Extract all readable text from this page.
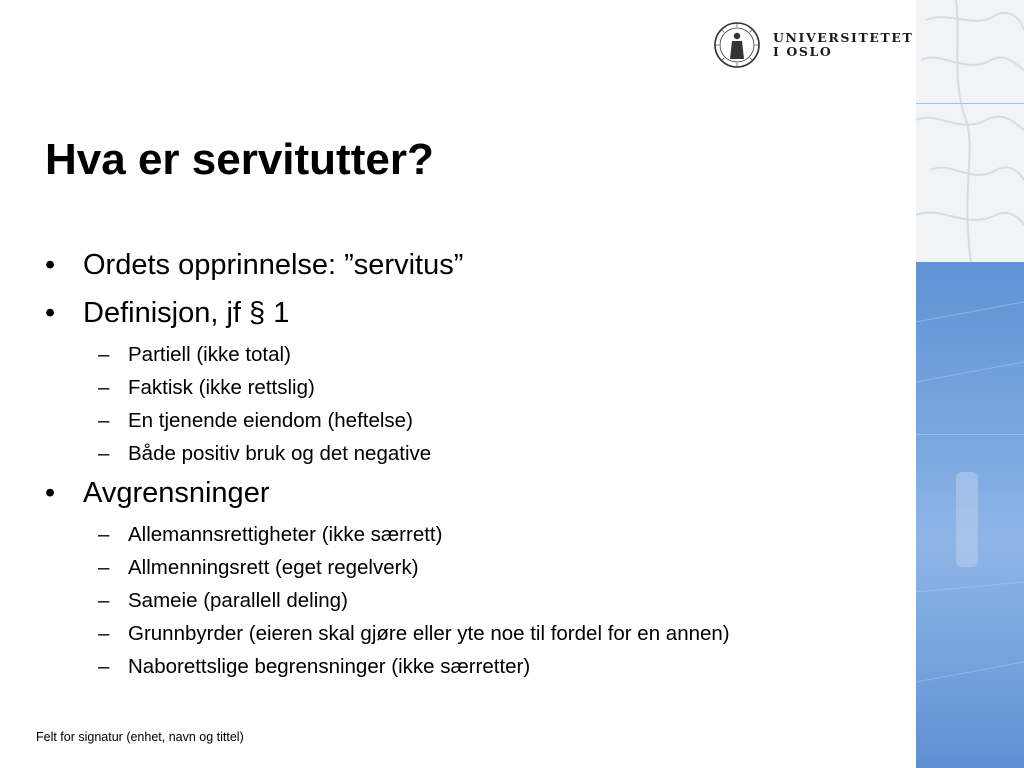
UNIVERSITETET
I OSLO
Hva er servitutter?
• Ordets opprinnelse: ”servitus”
• Definisjon, jf § 1
– Partiell (ikke total)
– Faktisk (ikke rettslig)
– En tjenende eiendom (heftelse)
– Både positiv bruk og det negative
• Avgrensninger
– Allemannsrettigheter (ikke særrett)
– Allmenningsrett (eget regelverk)
– Sameie (parallell deling)
– Grunnbyrder (eieren skal gjøre eller yte noe til fordel for en annen)
– Naborettslige begrensninger (ikke særretter)
Felt for signatur (enhet, navn og tittel)
